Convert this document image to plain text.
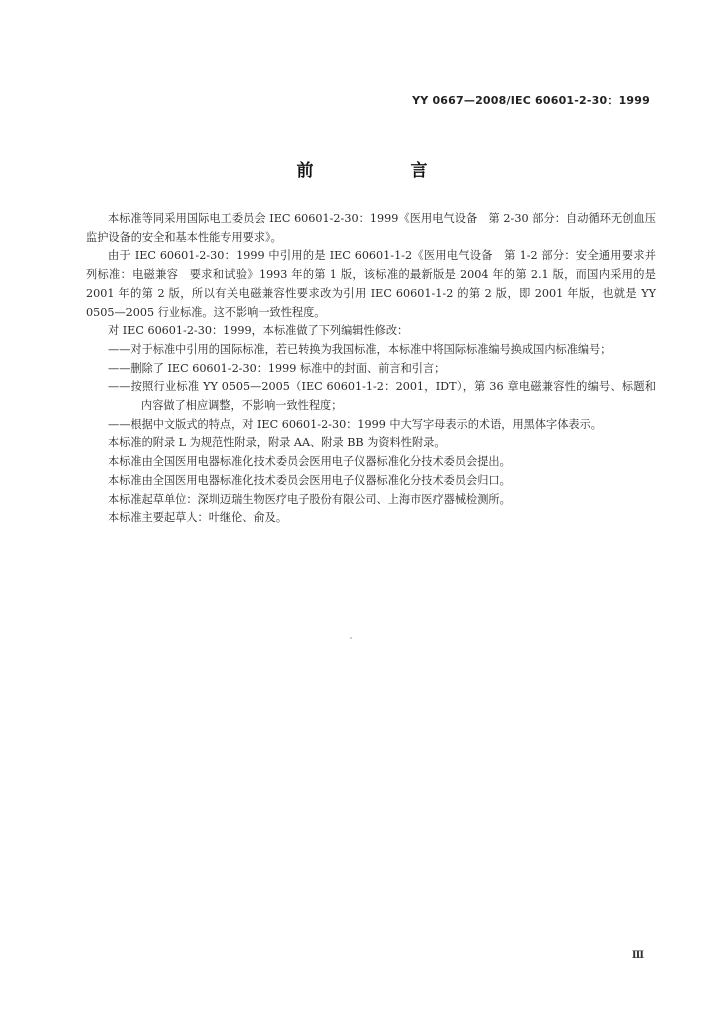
YY 0667—2008/IEC 60601-2-30：1999
前　言

本标准等同采用国际电工委员会 IEC 60601-2-30：1999《医用电气设备　第 2-30 部分：自动循环无创血压监护设备的安全和基本性能专用要求》。

由于 IEC 60601-2-30：1999 中引用的是 IEC 60601-1-2《医用电气设备　第 1-2 部分：安全通用要求并列标准：电磁兼容　要求和试验》1993 年的第 1 版，该标准的最新版是 2004 年的第 2.1 版，而国内采用的是 2001 年的第 2 版，所以有关电磁兼容性要求改为引用 IEC 60601-1-2 的第 2 版，即 2001 年版，也就是 YY 0505—2005 行业标准。这不影响一致性程度。

对 IEC 60601-2-30：1999，本标准做了下列编辑性修改：

——对于标准中引用的国际标准，若已转换为我国标准，本标准中将国际标准编号换成国内标准编号；

——删除了 IEC 60601-2-30：1999 标准中的封面、前言和引言；

——按照行业标准 YY 0505—2005（IEC 60601-1-2：2001，IDT），第 36 章电磁兼容性的编号、标题和内容做了相应调整，不影响一致性程度；

——根据中文版式的特点，对 IEC 60601-2-30：1999 中大写字母表示的术语，用黑体字体表示。

本标准的附录 L 为规范性附录，附录 AA、附录 BB 为资料性附录。

本标准由全国医用电器标准化技术委员会医用电子仪器标准化分技术委员会提出。

本标准由全国医用电器标准化技术委员会医用电子仪器标准化分技术委员会归口。

本标准起草单位：深圳迈瑞生物医疗电子股份有限公司、上海市医疗器械检测所。

本标准主要起草人：叶继伦、俞及。

Ⅲ
